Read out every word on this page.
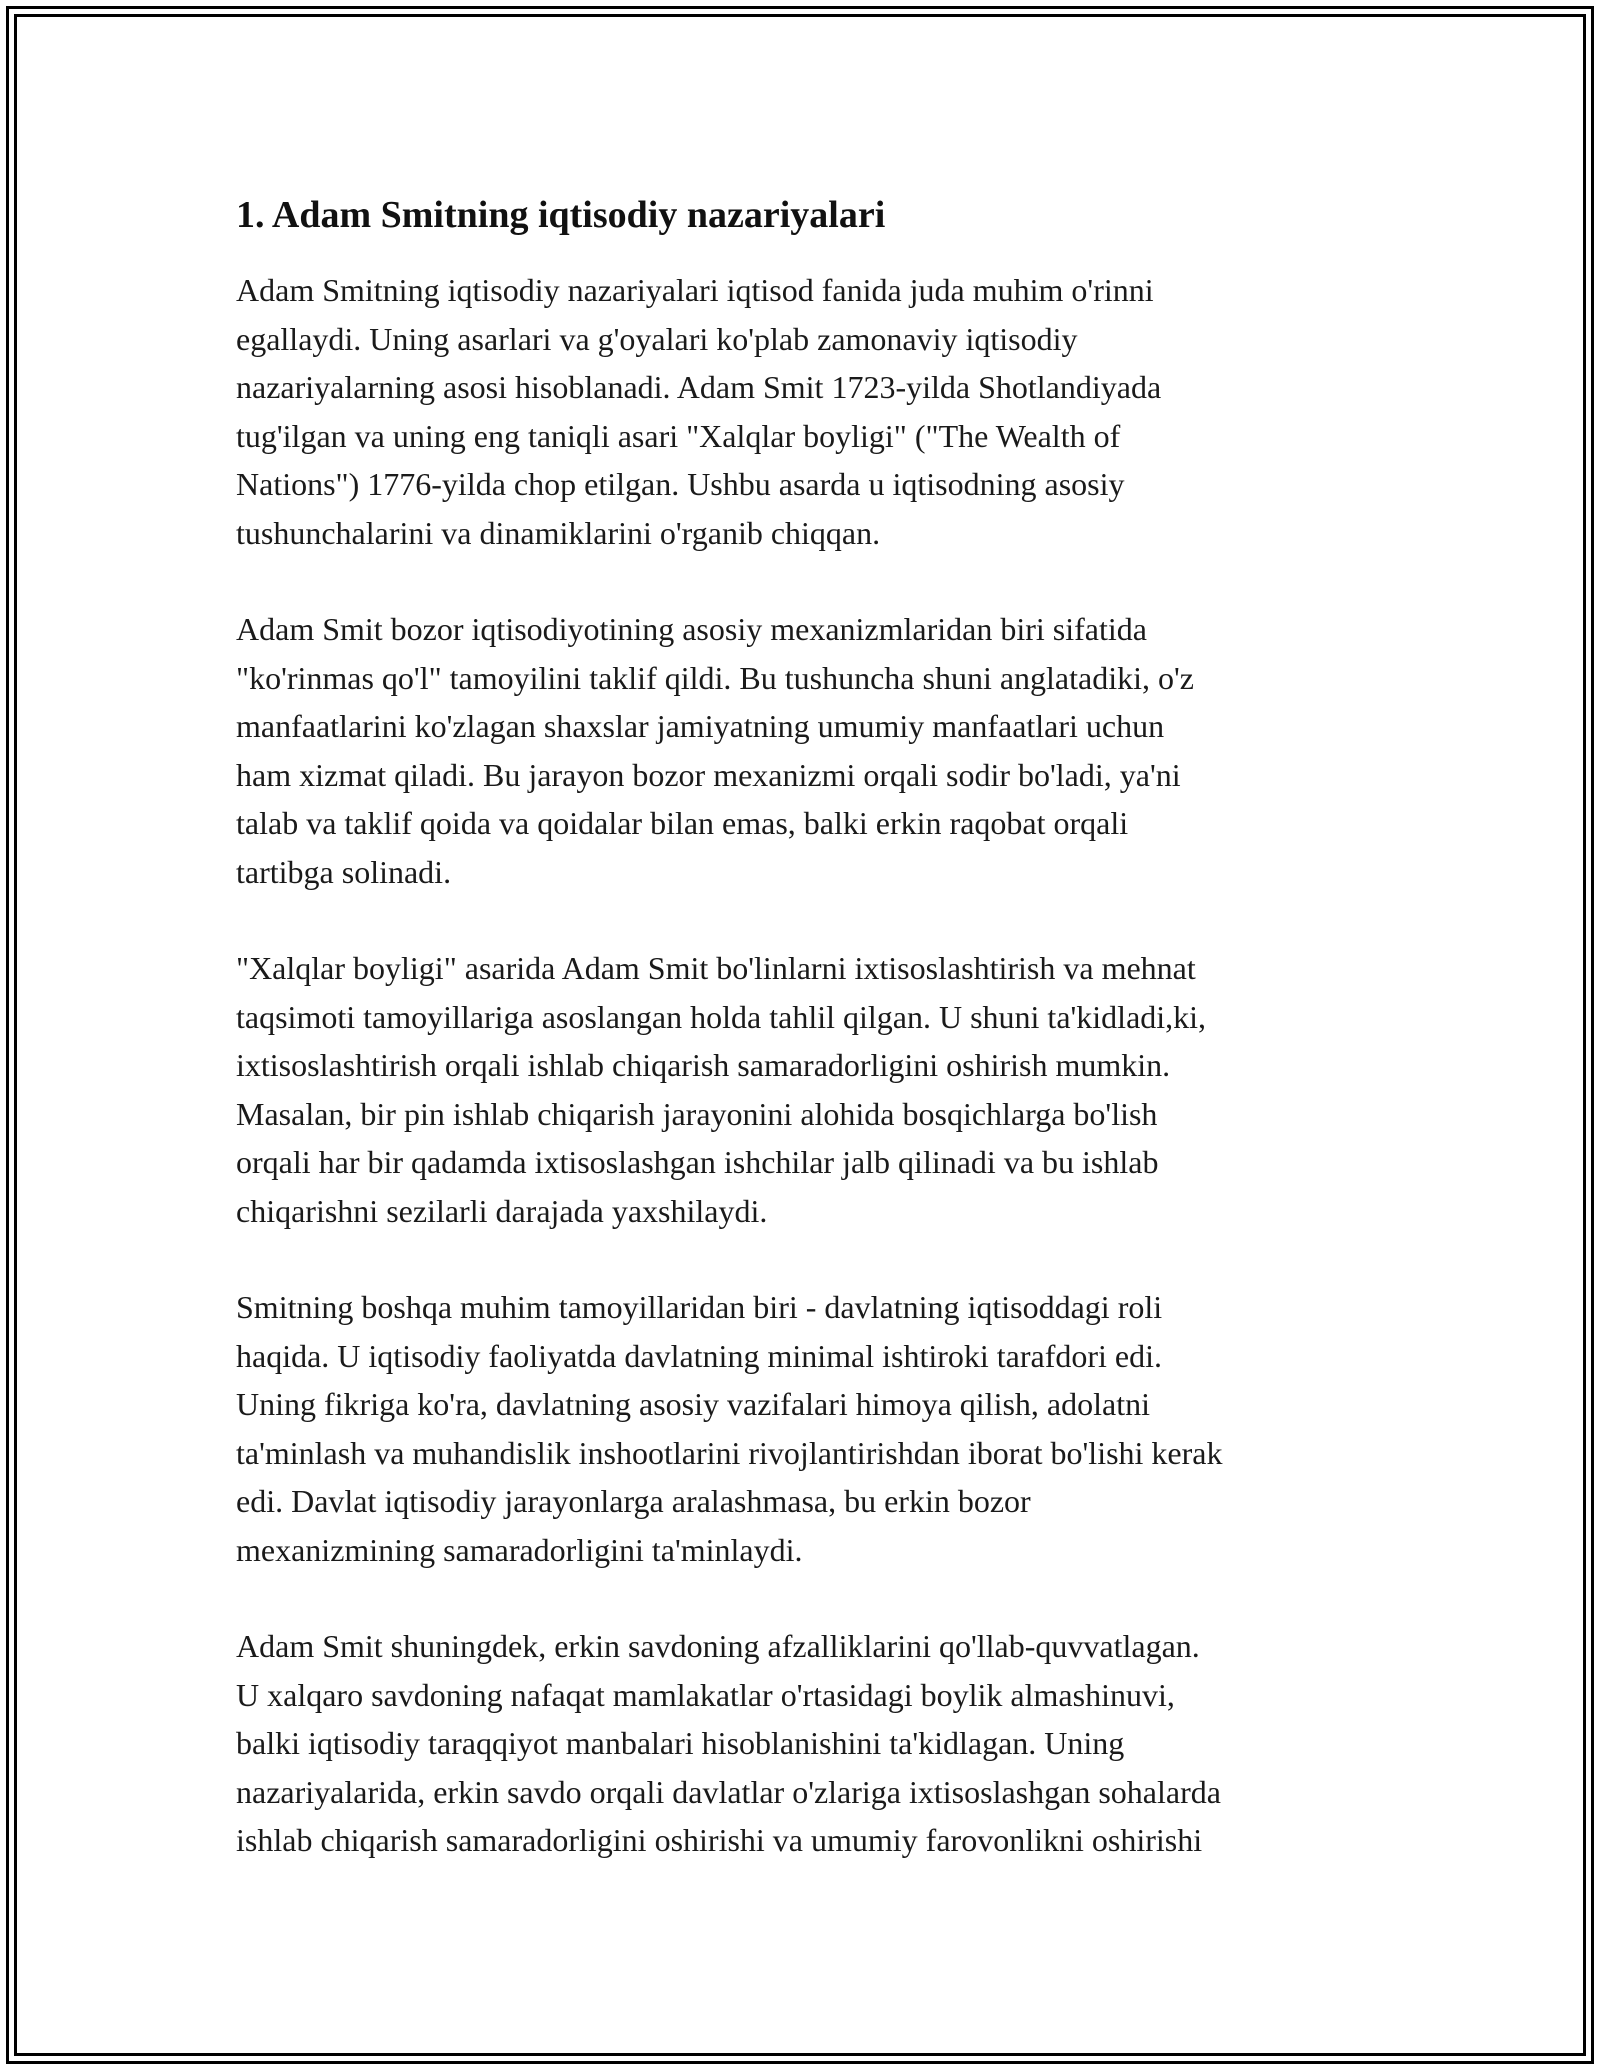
1. Adam Smitning iqtisodiy nazariyalari

Adam Smitning iqtisodiy nazariyalari iqtisod fanida juda muhim o'rinni
egallaydi. Uning asarlari va g'oyalari ko'plab zamonaviy iqtisodiy
nazariyalarning asosi hisoblanadi. Adam Smit 1723-yilda Shotlandiyada
tug'ilgan va uning eng taniqli asari "Xalqlar boyligi" ("The Wealth of
Nations") 1776-yilda chop etilgan. Ushbu asarda u iqtisodning asosiy
tushunchalarini va dinamiklarini o'rganib chiqqan.

Adam Smit bozor iqtisodiyotining asosiy mexanizmlaridan biri sifatida
"ko'rinmas qo'l" tamoyilini taklif qildi. Bu tushuncha shuni anglatadiki, o'z
manfaatlarini ko'zlagan shaxslar jamiyatning umumiy manfaatlari uchun
ham xizmat qiladi. Bu jarayon bozor mexanizmi orqali sodir bo'ladi, ya'ni
talab va taklif qoida va qoidalar bilan emas, balki erkin raqobat orqali
tartibga solinadi.

"Xalqlar boyligi" asarida Adam Smit bo'linlarni ixtisoslashtirish va mehnat
taqsimoti tamoyillariga asoslangan holda tahlil qilgan. U shuni ta'kidladi,ki,
ixtisoslashtirish orqali ishlab chiqarish samaradorligini oshirish mumkin.
Masalan, bir pin ishlab chiqarish jarayonini alohida bosqichlarga bo'lish
orqali har bir qadamda ixtisoslashgan ishchilar jalb qilinadi va bu ishlab
chiqarishni sezilarli darajada yaxshilaydi.

Smitning boshqa muhim tamoyillaridan biri - davlatning iqtisoddagi roli
haqida. U iqtisodiy faoliyatda davlatning minimal ishtiroki tarafdori edi.
Uning fikriga ko'ra, davlatning asosiy vazifalari himoya qilish, adolatni
ta'minlash va muhandislik inshootlarini rivojlantirishdan iborat bo'lishi kerak
edi. Davlat iqtisodiy jarayonlarga aralashmasa, bu erkin bozor
mexanizmining samaradorligini ta'minlaydi.

Adam Smit shuningdek, erkin savdoning afzalliklarini qo'llab-quvvatlagan.
U xalqaro savdoning nafaqat mamlakatlar o'rtasidagi boylik almashinuvi,
balki iqtisodiy taraqqiyot manbalari hisoblanishini ta'kidlagan. Uning
nazariyalarida, erkin savdo orqali davlatlar o'zlariga ixtisoslashgan sohalarda
ishlab chiqarish samaradorligini oshirishi va umumiy farovonlikni oshirishi
